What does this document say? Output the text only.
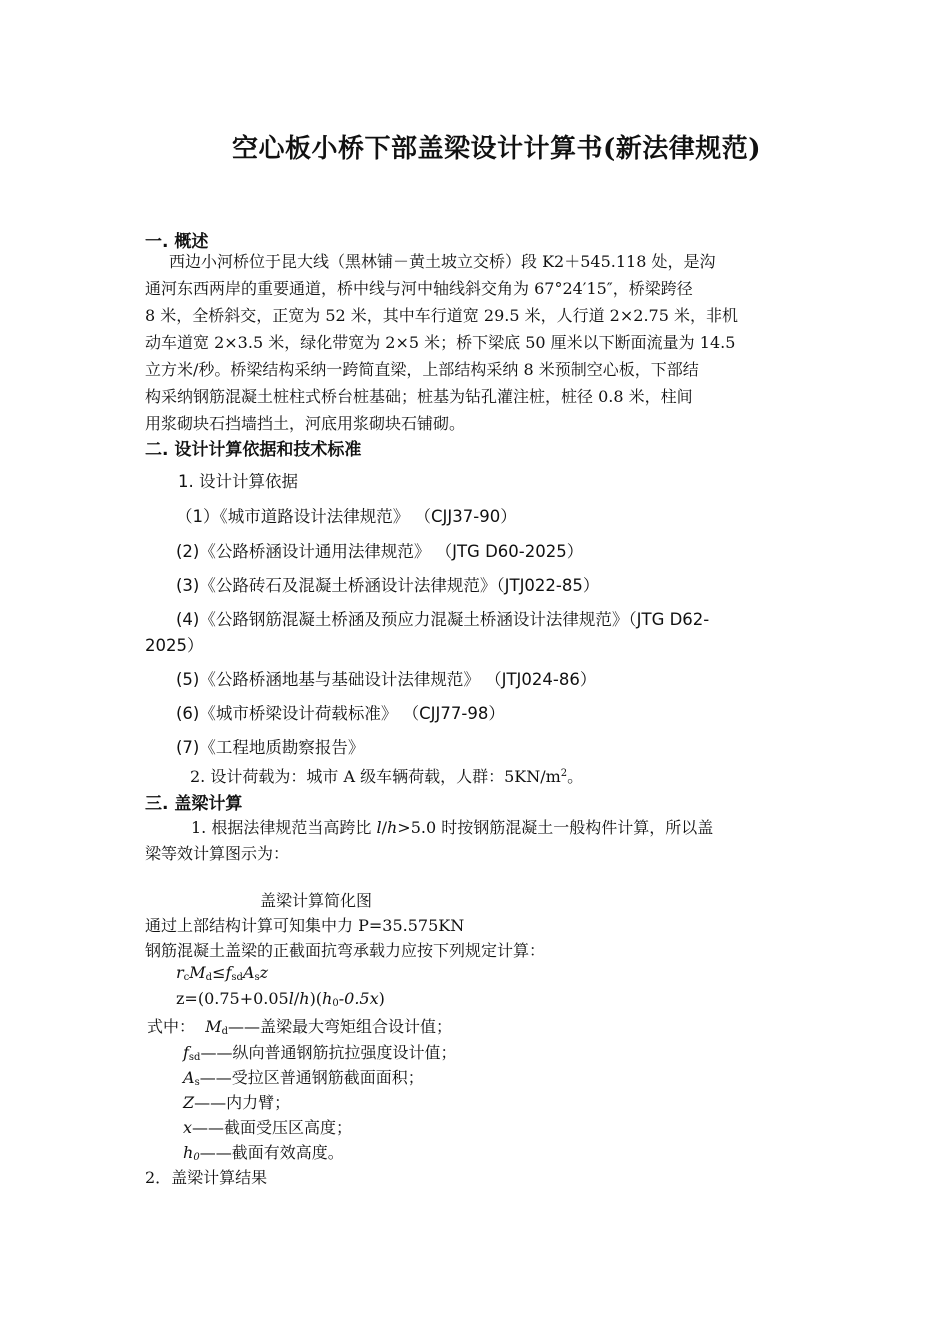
空心板小桥下部盖梁设计计算书(新法律规范)
一. 概述
西边小河桥位于昆大线（黑林铺－黄土坡立交桥）段 K2＋545.118 处，是沟
通河东西两岸的重要通道，桥中线与河中轴线斜交角为 67°24′15″，桥梁跨径
8 米，全桥斜交，正宽为 52 米，其中车行道宽 29.5 米，人行道 2×2.75 米，非机
动车道宽 2×3.5 米，绿化带宽为 2×5 米；桥下梁底 50 厘米以下断面流量为 14.5
立方米/秒。桥梁结构采纳一跨简直梁，上部结构采纳 8 米预制空心板，下部结
构采纳钢筋混凝土桩柱式桥台桩基础；桩基为钻孔灌注桩，桩径 0.8 米，柱间
用浆砌块石挡墙挡土，河底用浆砌块石铺砌。
二. 设计计算依据和技术标准
1. 设计计算依据
（1）《城市道路设计法律规范》 （CJJ37-90）
(2)《公路桥涵设计通用法律规范》 （JTG D60-2025）
(3)《公路砖石及混凝土桥涵设计法律规范》（JTJ022-85）
(4)《公路钢筋混凝土桥涵及预应力混凝土桥涵设计法律规范》（JTG D62-
2025）
(5)《公路桥涵地基与基础设计法律规范》 （JTJ024-86）
(6)《城市桥梁设计荷载标准》 （CJJ77-98）
(7)《工程地质勘察报告》
2. 设计荷载为：城市 A 级车辆荷载，人群：$5KN/m^2$。
三. 盖梁计算
1. 根据法律规范当高跨比 l/h>5.0 时按钢筋混凝土一般构件计算，所以盖
梁等效计算图示为：
盖梁计算简化图
通过上部结构计算可知集中力 P=35.575KN
钢筋混凝土盖梁的正截面抗弯承载力应按下列规定计算：
$r_cM_d\le f_{sd}A_sz$
$z=(0.75+0.05l/h)(h_0-0.5x)$
式中： $M_d——$盖梁最大弯矩组合设计值；
$f_{sd}——$纵向普通钢筋抗拉强度设计值；
$A_s——$受拉区普通钢筋截面面积；
Z——内力臂；
x——截面受压区高度；
$h_0——$截面有效高度。
2．盖梁计算结果
